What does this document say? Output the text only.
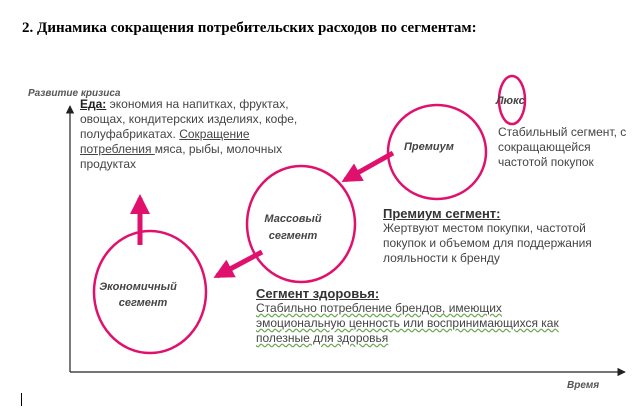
2. Динамика сокращения потребительских расходов по сегментам:
Развитие кризиса
Время
Люкс
Премиум
Массовый
сегмент
Экономичный
сегмент
Еда: экономия на напитках, фруктах, овощах, кондитерских изделиях, кофе, полуфабрикатах. Сокращение потребления мяса, рыбы, молочных продуктах
Стабильный сегмент, с сокращающейся частотой покупок
Премиум сегмент:
Жертвуют местом покупки, частотой покупок и объемом для поддержания лояльности к бренду
Сегмент здоровья:
Стабильно потребление брендов, имеющих эмоциональную ценность или воспринимающихся как полезные для здоровья
